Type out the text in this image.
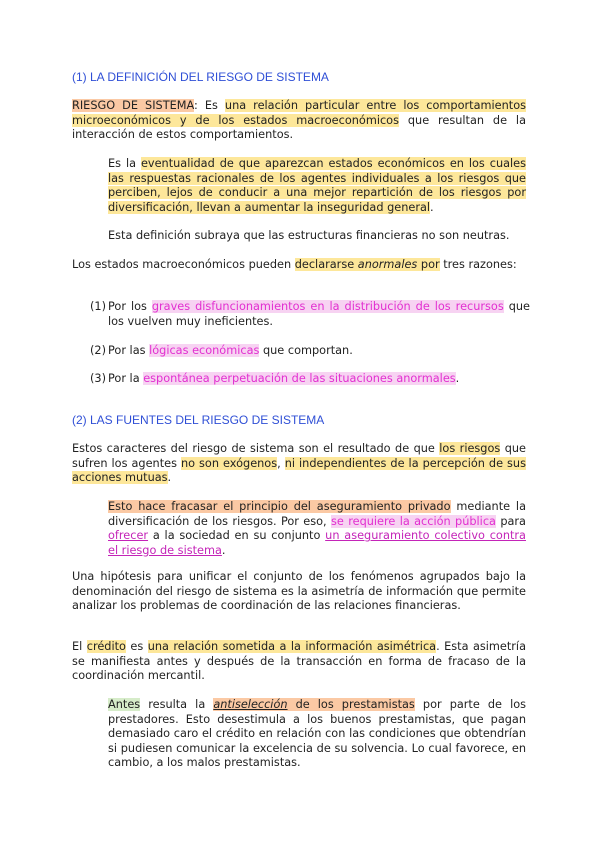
(1) LA DEFINICIÓN DEL RIESGO DE SISTEMA

RIESGO DE SISTEMA: Es una relación particular entre los comportamientos microeconómicos y de los estados macroeconómicos que resultan de la interacción de estos comportamientos.

Es la eventualidad de que aparezcan estados económicos en los cuales las respuestas racionales de los agentes individuales a los riesgos que perciben, lejos de conducir a una mejor repartición de los riesgos por diversificación, llevan a aumentar la inseguridad general.

Esta definición subraya que las estructuras financieras no son neutras.

Los estados macroeconómicos pueden declararse anormales por tres razones:

(1) Por los graves disfuncionamientos en la distribución de los recursos que los vuelven muy ineficientes.
(2) Por las lógicas económicas que comportan.
(3) Por la espontánea perpetuación de las situaciones anormales.
(2) LAS FUENTES DEL RIESGO DE SISTEMA

Estos caracteres del riesgo de sistema son el resultado de que los riesgos que sufren los agentes no son exógenos, ni independientes de la percepción de sus acciones mutuas.

Esto hace fracasar el principio del aseguramiento privado mediante la diversificación de los riesgos. Por eso, se requiere la acción pública para ofrecer a la sociedad en su conjunto un aseguramiento colectivo contra el riesgo de sistema.

Una hipótesis para unificar el conjunto de los fenómenos agrupados bajo la denominación del riesgo de sistema es la asimetría de información que permite analizar los problemas de coordinación de las relaciones financieras.

El crédito es una relación sometida a la información asimétrica. Esta asimetría se manifiesta antes y después de la transacción en forma de fracaso de la coordinación mercantil.

Antes resulta la antiselección de los prestamistas por parte de los prestadores. Esto desestimula a los buenos prestamistas, que pagan demasiado caro el crédito en relación con las condiciones que obtendrían si pudiesen comunicar la excelencia de su solvencia. Lo cual favorece, en cambio, a los malos prestamistas.
